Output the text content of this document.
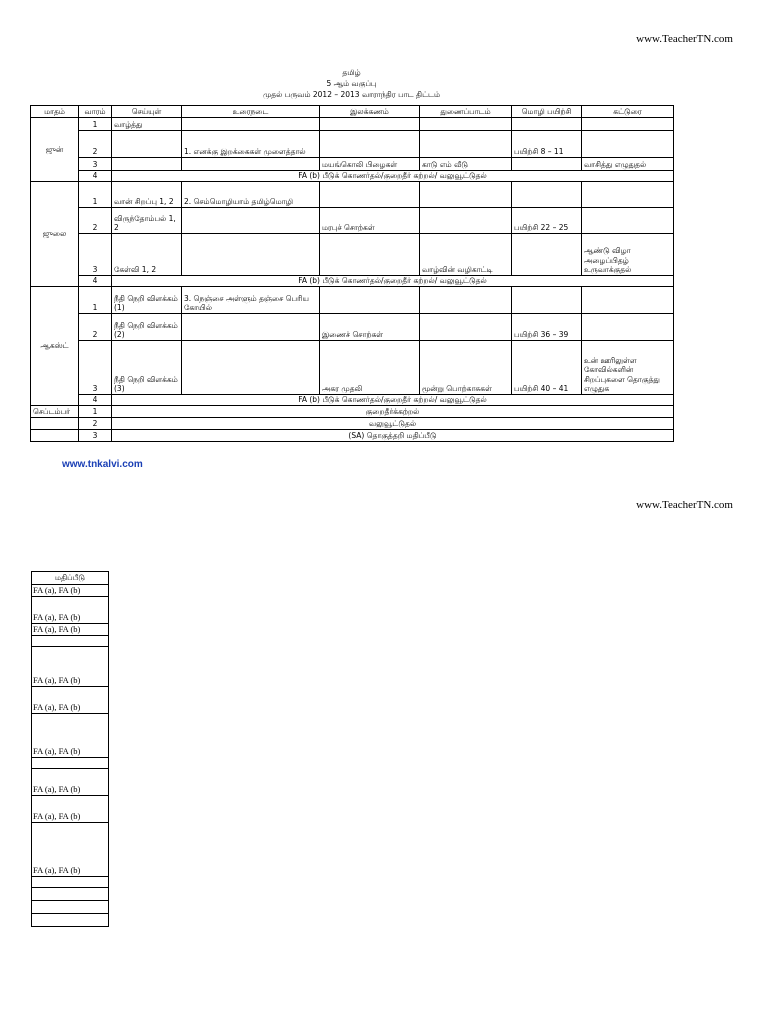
www.TeacherTN.com
தமிழ்
5 ஆம் வகுப்பு
முதல் பருவம் 2012 – 2013 வாராந்திர பாட திட்டம்
மாதம்	வாரம்	செய்யுள்	உரைநடை	இலக்கணம்	துணைப்பாடம்	மொழி பயிற்சி	கட்டுரை
ஜுன்	1	வாழ்த்து					
	2		1. எனக்கு இறக்கைகள் முளைத்தால்			பயிற்சி 8 – 11	
	3			மயங்கொலி பிழைகள்	காடு எம் வீடு		வாசித்து எழுதுதல்
	4	FA (b) பீடுக் கொணர்தல்/குறைதீர் கற்றல்/ வலுவூட்டுதல்					
ஜுலை	1	வான் சிறப்பு 1, 2	2. செம்மொழியாம் தமிழ்மொழி				
	2	விருந்தோம்பல் 1, 2		மரபுச் சொற்கள்		பயிற்சி 22 – 25	
	3	கேள்வி 1, 2			வாழ்வின் வழிகாட்டி		ஆண்டு விழா அழைப்பிதழ் உருவாக்குதல்
	4	FA (b) பீடுக் கொணர்தல்/குறைதீர் கற்றல்/ வலுவூட்டுதல்					
ஆகஸ்ட்	1	நீதி நெறி விளக்கம் (1)	3. நெஞ்சை அள்ளும் தஞ்சை பெரிய கோயில்				
	2	நீதி நெறி விளக்கம் (2)		இணைச் சொற்கள்		பயிற்சி 36 – 39	
	3	நீதி நெறி விளக்கம் (3)		அகர முதலி	மூன்று பொற்காசுகள்	பயிற்சி 40 – 41	உன் ஊரிலுள்ள கோவில்களின் சிறப்புகளை தொகுத்து எழுதுக
	4	FA (b) பீடுக் கொணர்தல்/குறைதீர் கற்றல்/ வலுவூட்டுதல்					
செப்டம்பர்	1	குறைதீர்க்கற்றல்					
	2	வலுவூட்டுதல்					
	3	(SA) தொகுத்தறி மதிப்பீடு					
www.tnkalvi.com
www.TeacherTN.com
மதிப்பீடு
FA (a), FA (b)
FA (a), FA (b)
FA (a), FA (b)

FA (a), FA (b)
FA (a), FA (b)
FA (a), FA (b)

FA (a), FA (b)
FA (a), FA (b)
FA (a), FA (b)
